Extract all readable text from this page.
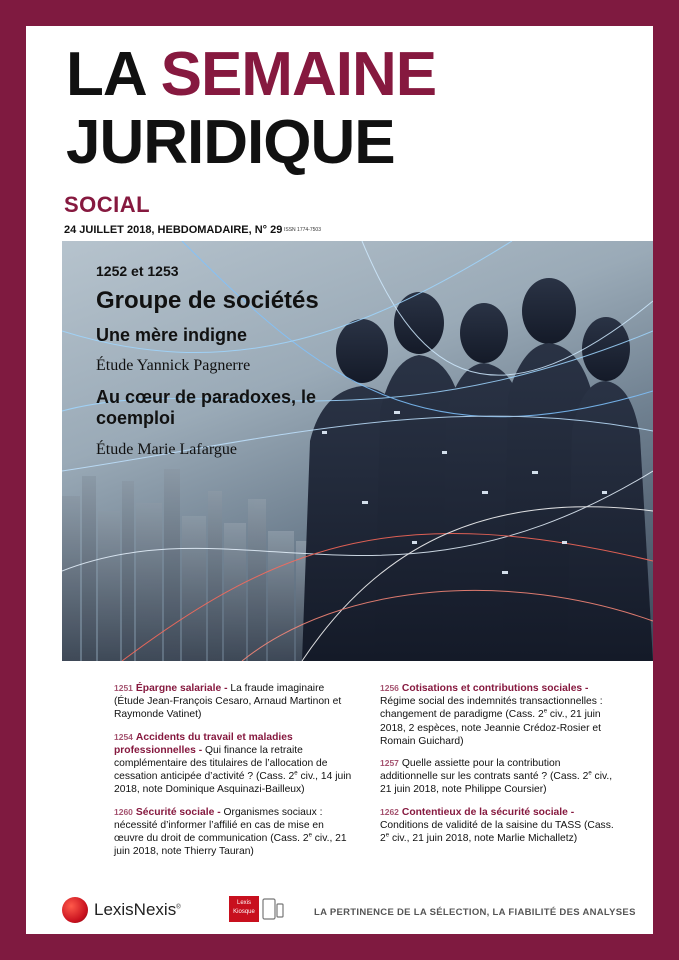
LA SEMAINE
JURIDIQUE
SOCIAL
24 JUILLET 2018, HEBDOMADAIRE, N° 29 ISSN 1774-7503
1252 et 1253
Groupe de sociétés
Une mère indigne
Étude Yannick Pagnerre
Au cœur de paradoxes, le coemploi
Étude Marie Lafargue
1251 Épargne salariale - La fraude imaginaire (Étude Jean-François Cesaro, Arnaud Martinon et Raymonde Vatinet)
1254 Accidents du travail et maladies professionnelles - Qui finance la retraite complémentaire des titulaires de l’allocation de cessation anticipée d’activité ? (Cass. 2e civ., 14 juin 2018, note Dominique Asquinazi-Bailleux)
1260 Sécurité sociale - Organismes sociaux : nécessité d’informer l’affilié en cas de mise en œuvre du droit de communication (Cass. 2e civ., 21 juin 2018, note Thierry Tauran)
1256 Cotisations et contributions sociales - Régime social des indemnités transactionnelles : changement de paradigme (Cass. 2e civ., 21 juin 2018, 2 espèces, note Jeannie Crédoz-Rosier et Romain Guichard)
1257 Quelle assiette pour la contribution additionnelle sur les contrats santé ? (Cass. 2e civ., 21 juin 2018, note Philippe Coursier)
1262 Contentieux de la sécurité sociale - Conditions de validité de la saisine du TASS (Cass. 2e civ., 21 juin 2018, note Marlie Michalletz)
LexisNexis®
Lexis
Kiosque	LA PERTINENCE DE LA SÉLECTION, LA FIABILITÉ DES ANALYSES
